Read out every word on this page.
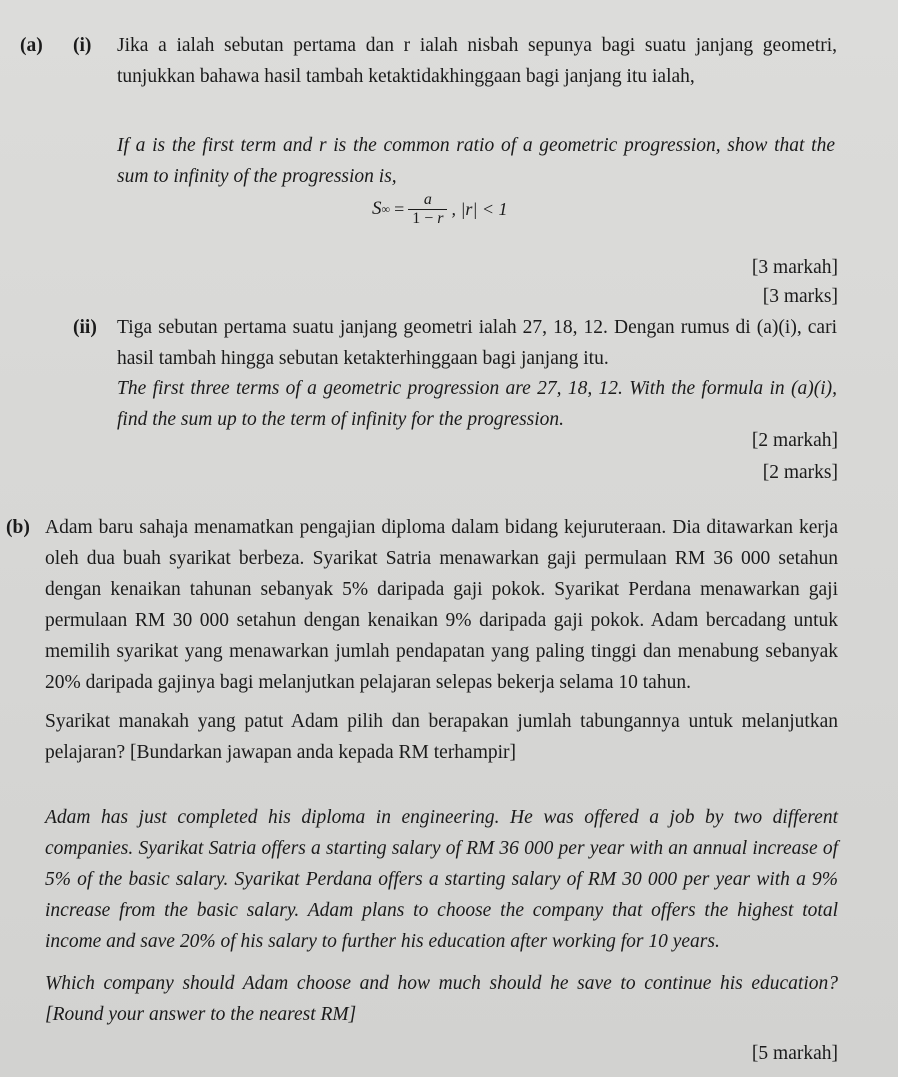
(a) (i) Jika a ialah sebutan pertama dan r ialah nisbah sepunya bagi suatu janjang geometri, tunjukkan bahawa hasil tambah ketaktidakhinggaan bagi janjang itu ialah,
If a is the first term and r is the common ratio of a geometric progression, show that the sum to infinity of the progression is,
S ∞ = $\frac{a}{1 - r}$ , |r| < 1
[3 markah]
[3 marks]
(ii) Tiga sebutan pertama suatu janjang geometri ialah 27, 18, 12. Dengan rumus di (a)(i), cari hasil tambah hingga sebutan ketakterhinggaan bagi janjang itu.
The first three terms of a geometric progression are 27, 18, 12. With the formula in (a)(i), find the sum up to the term of infinity for the progression.
[2 markah]
[2 marks]
(b) Adam baru sahaja menamatkan pengajian diploma dalam bidang kejuruteraan. Dia ditawarkan kerja oleh dua buah syarikat berbeza. Syarikat Satria menawarkan gaji permulaan RM 36 000 setahun dengan kenaikan tahunan sebanyak 5% daripada gaji pokok. Syarikat Perdana menawarkan gaji permulaan RM 30 000 setahun dengan kenaikan 9% daripada gaji pokok. Adam bercadang untuk memilih syarikat yang menawarkan jumlah pendapatan yang paling tinggi dan menabung sebanyak 20% daripada gajinya bagi melanjutkan pelajaran selepas bekerja selama 10 tahun.
Syarikat manakah yang patut Adam pilih dan berapakan jumlah tabungannya untuk melanjutkan pelajaran? [Bundarkan jawapan anda kepada RM terhampir]
Adam has just completed his diploma in engineering. He was offered a job by two different companies. Syarikat Satria offers a starting salary of RM 36 000 per year with an annual increase of 5% of the basic salary. Syarikat Perdana offers a starting salary of RM 30 000 per year with a 9% increase from the basic salary. Adam plans to choose the company that offers the highest total income and save 20% of his salary to further his education after working for 10 years.
Which company should Adam choose and how much should he save to continue his education? [Round your answer to the nearest RM]
[5 markah]
